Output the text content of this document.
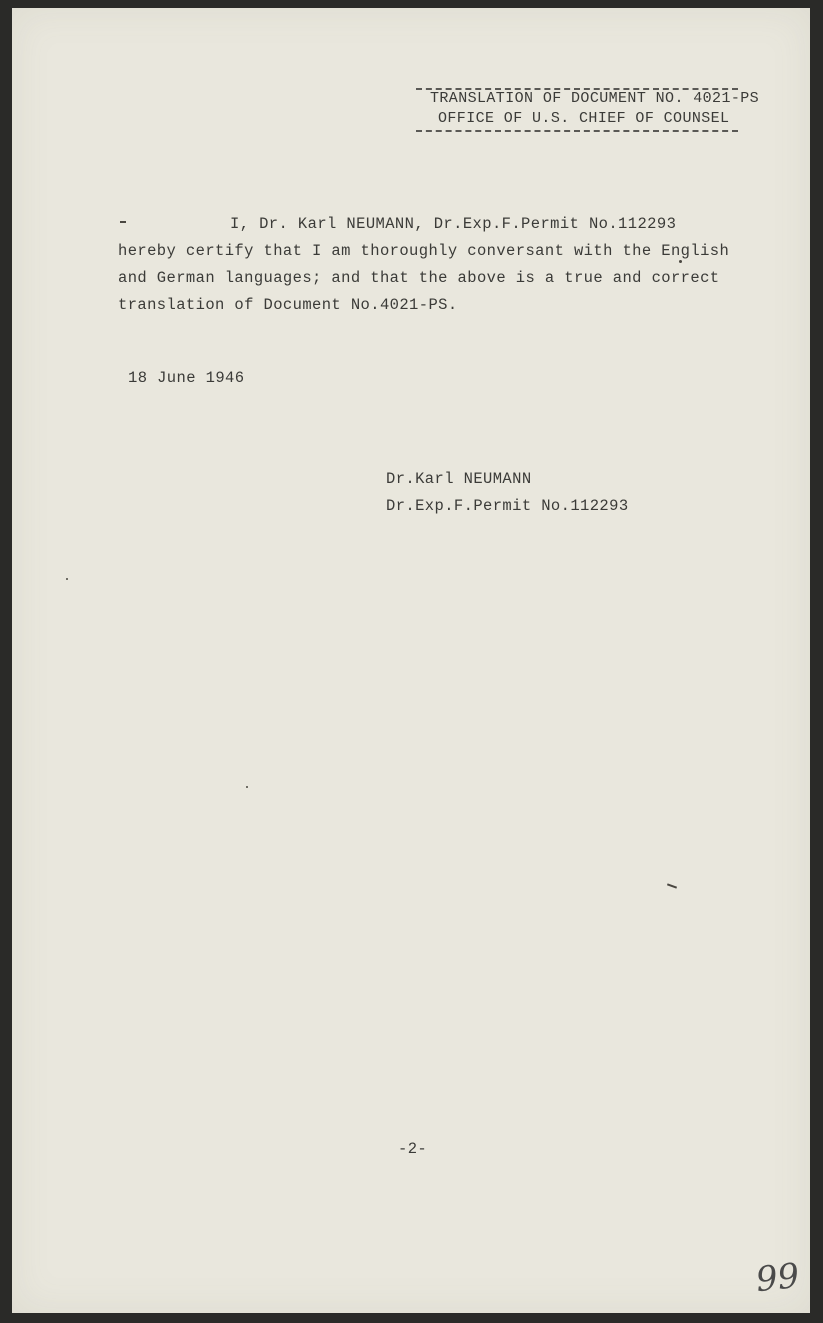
TRANSLATION OF DOCUMENT NO. 4021-PS
OFFICE OF U.S. CHIEF OF COUNSEL
I, Dr. Karl NEUMANN, Dr.Exp.F.Permit No.112293
hereby certify that I am thoroughly conversant with the English
and German languages; and that the above is a true and correct
translation of Document No.4021-PS.
18 June 1946
Dr.Karl NEUMANN
Dr.Exp.F.Permit No.112293
-2-
99
